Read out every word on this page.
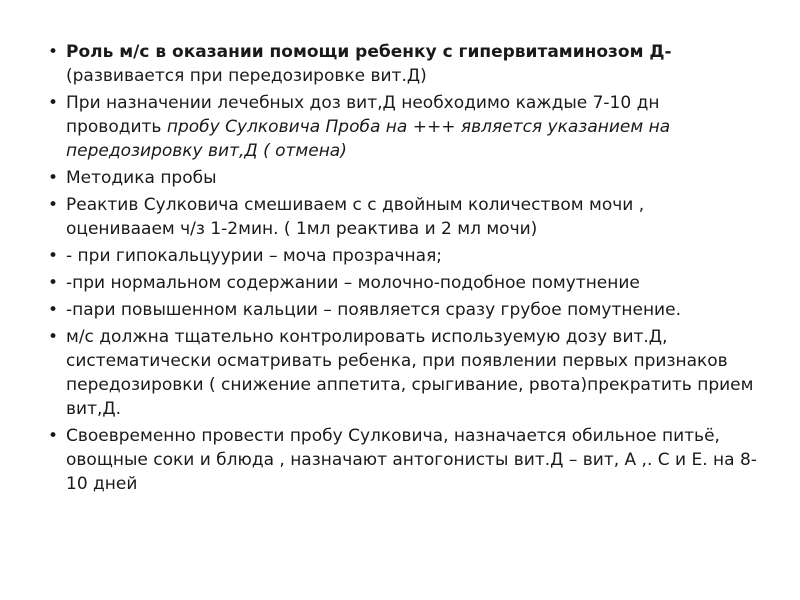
• Роль м/с в оказании помощи ребенку с гипервитаминозом Д- (развивается при передозировке вит.Д)
• При назначении лечебных доз вит,Д необходимо каждые 7-10 дн проводить пробу Сулковича Проба на +++ является указанием на передозировку вит,Д ( отмена)
• Методика пробы
• Реактив Сулковича смешиваем с с двойным количеством мочи , оценивааем ч/з 1-2мин. ( 1мл реактива и 2 мл мочи)
• - при гипокальцуурии – моча прозрачная;
• -при нормальном содержании – молочно-подобное помутнение
• -пари повышенном кальции – появляется сразу грубое помутнение.
• м/с должна тщательно контролировать используемую дозу вит.Д, систематически осматривать ребенка, при появлении первых признаков передозировки ( снижение аппетита, срыгивание, рвота)прекратить прием вит,Д.
• Своевременно провести пробу Сулковича, назначается обильное питьё, овощные соки и блюда , назначают антогонисты вит.Д – вит, А ,. С и Е. на 8-10 дней
